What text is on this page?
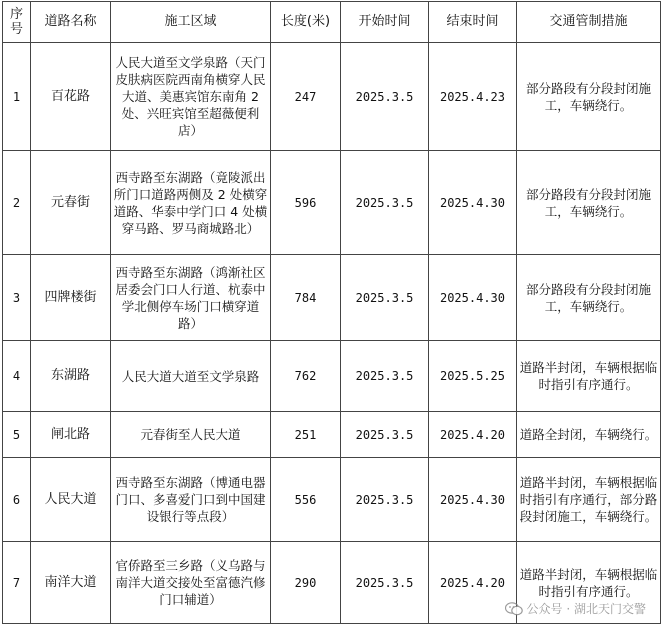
序号	道路名称	施工区域	长度(米)	开始时间	结束时间	交通管制措施
1	百花路	人民大道至文学泉路（天门皮肤病医院西南角横穿人民大道、美惠宾馆东南角 2 处、兴旺宾馆至超薇便利店）	247	2025.3.5	2025.4.23	部分路段有分段封闭施工，车辆绕行。
2	元春街	西寺路至东湖路（竟陵派出所门口道路两侧及 2 处横穿道路、华泰中学门口 4 处横穿马路、罗马商城路北）	596	2025.3.5	2025.4.30	部分路段有分段封闭施工，车辆绕行。
3	四牌楼街	西寺路至东湖路（鸿渐社区居委会门口人行道、杭泰中学北侧停车场门口横穿道路）	784	2025.3.5	2025.4.30	部分路段有分段封闭施工，车辆绕行。
4	东湖路	人民大道大道至文学泉路	762	2025.3.5	2025.5.25	道路半封闭，车辆根据临时指引有序通行。
5	闸北路	元春街至人民大道	251	2025.3.5	2025.4.20	道路全封闭，车辆绕行。
6	人民大道	西寺路至东湖路（博通电器门口、多喜爱门口到中国建设银行等点段）	556	2025.3.5	2025.4.30	道路半封闭，车辆根据临时指引有序通行，部分路段封闭施工，车辆绕行。
7	南洋大道	官侨路至三乡路（义乌路与南洋大道交接处至富德汽修门口辅道）	290	2025.3.5	2025.4.20	道路半封闭，车辆根据临时指引有序通行。
公众号 · 湖北天门交警
